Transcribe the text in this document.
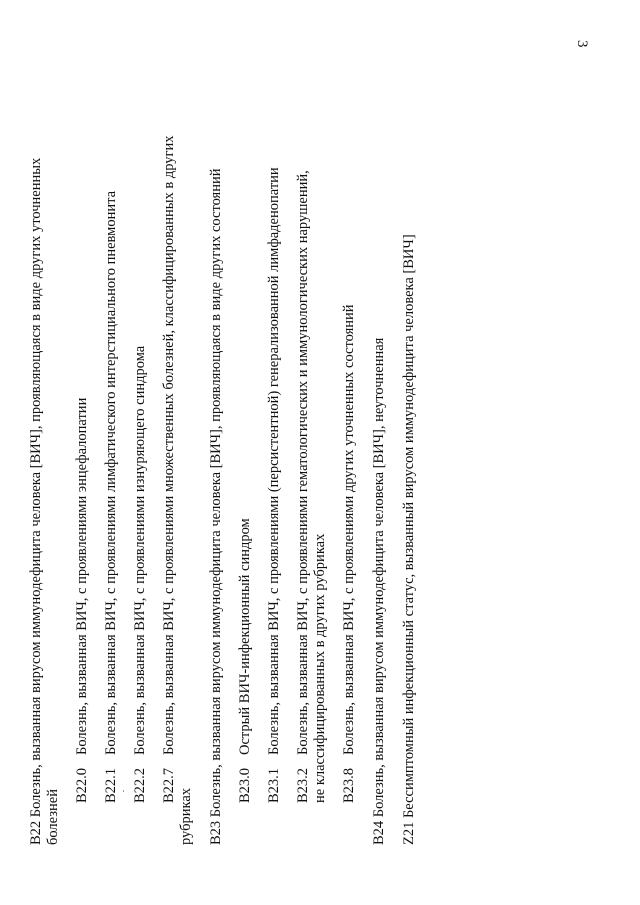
3
B22 Болезнь, вызванная вирусом иммунодефицита человека [ВИЧ], проявляющаяся в виде других уточненных болезней
B22.0
Болезнь, вызванная ВИЧ, с проявлениями энцефалопатии
B22.1
Болезнь, вызванная ВИЧ, с проявлениями лимфатического интерстициального пневмонита
B22.2
Болезнь, вызванная ВИЧ, с проявлениями изнуряющего синдрома
B22.7
Болезнь, вызванная ВИЧ, с проявлениями множественных болезней, классифицированных в других
рубриках B23 Болезнь, вызванная вирусом иммунодефицита человека [ВИЧ], проявляющаяся в виде других состояний B23.0
Острый ВИЧ-инфекционный синдром
B23.1
Болезнь, вызванная ВИЧ, с проявлениями (персистентной) генерализованной лимфаденопатии
B23.2
Болезнь, вызванная ВИЧ, с проявлениями гематологических и иммунологических нарушений, не классифицированных в других рубриках B23.8
Болезнь, вызванная ВИЧ, с проявлениями других уточненных состояний B24 Болезнь, вызванная вирусом иммунодефицита человека [ВИЧ], неуточненная Z21 Бессимптомный инфекционный статус, вызванный вирусом иммунодефицита человека [ВИЧ]
